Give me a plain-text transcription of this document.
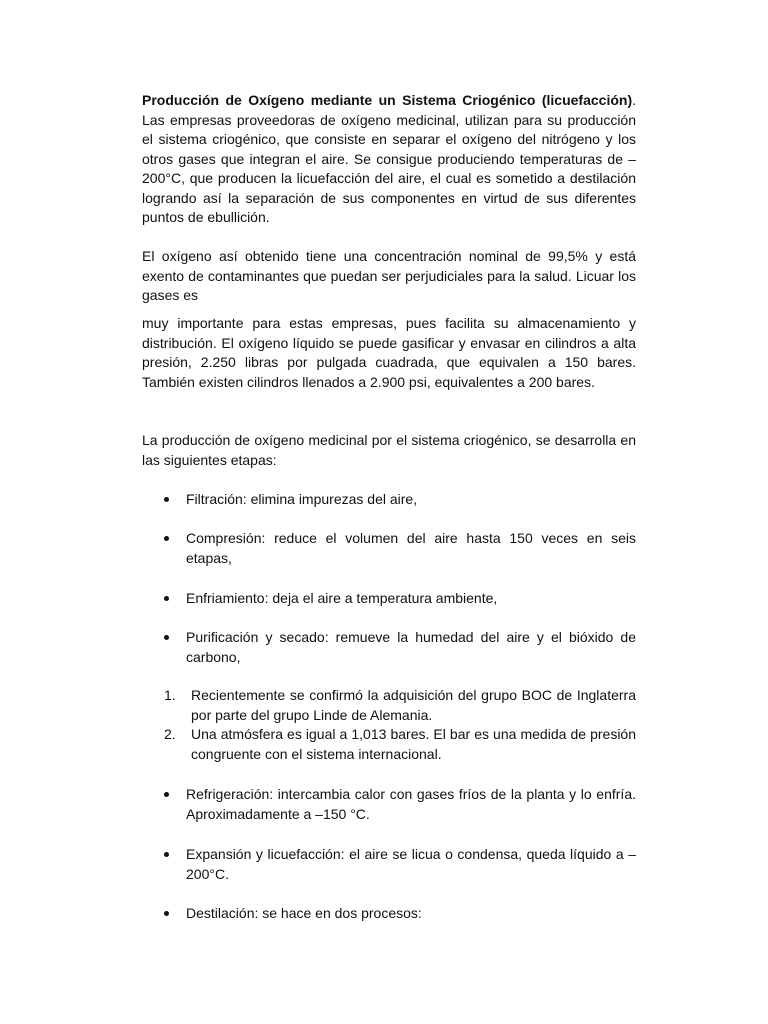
Producción de Oxígeno mediante un Sistema Criogénico (licuefacción). Las empresas proveedoras de oxígeno medicinal, utilizan para su producción el sistema criogénico, que consiste en separar el oxígeno del nitrógeno y los otros gases que integran el aire. Se consigue produciendo temperaturas de –200°C, que producen la licuefacción del aire, el cual es sometido a destilación logrando así la separación de sus componentes en virtud de sus diferentes puntos de ebullición.

El oxígeno así obtenido tiene una concentración nominal de 99,5% y está exento de contaminantes que puedan ser perjudiciales para la salud. Licuar los gases es

muy importante para estas empresas, pues facilita su almacenamiento y distribución. El oxígeno líquido se puede gasificar y envasar en cilindros a alta presión, 2.250 libras por pulgada cuadrada, que equivalen a 150 bares. También existen cilindros llenados a 2.900 psi, equivalentes a 200 bares.

La producción de oxígeno medicinal por el sistema criogénico, se desarrolla en las siguientes etapas:

Filtración: elimina impurezas del aire,
Compresión: reduce el volumen del aire hasta 150 veces en seis etapas,
Enfriamiento: deja el aire a temperatura ambiente,
Purificación y secado: remueve la humedad del aire y el bióxido de carbono,
1. Recientemente se confirmó la adquisición del grupo BOC de Inglaterra por parte del grupo Linde de Alemania.
2. Una atmósfera es igual a 1,013 bares. El bar es una medida de presión congruente con el sistema internacional.
Refrigeración: intercambia calor con gases fríos de la planta y lo enfría. Aproximadamente a –150 °C.
Expansión y licuefacción: el aire se licua o condensa, queda líquido a – 200°C.
Destilación: se hace en dos procesos:
